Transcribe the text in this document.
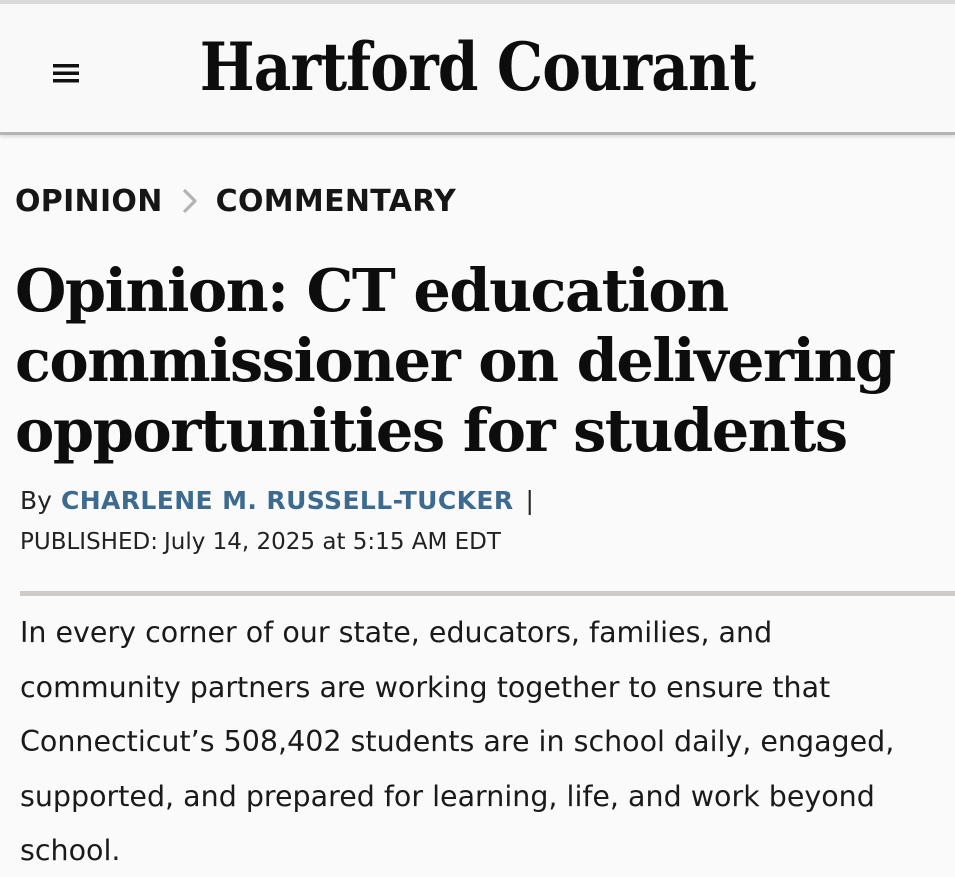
Hartford Courant
OPINION COMMENTARY
Opinion: CT education commissioner on delivering opportunities for students
By CHARLENE M. RUSSELL-TUCKER |
PUBLISHED: July 14, 2025 at 5:15 AM EDT

In every corner of our state, educators, families, and
community partners are working together to ensure that
Connecticut’s 508,402 students are in school daily, engaged,
supported, and prepared for learning, life, and work beyond
school.
